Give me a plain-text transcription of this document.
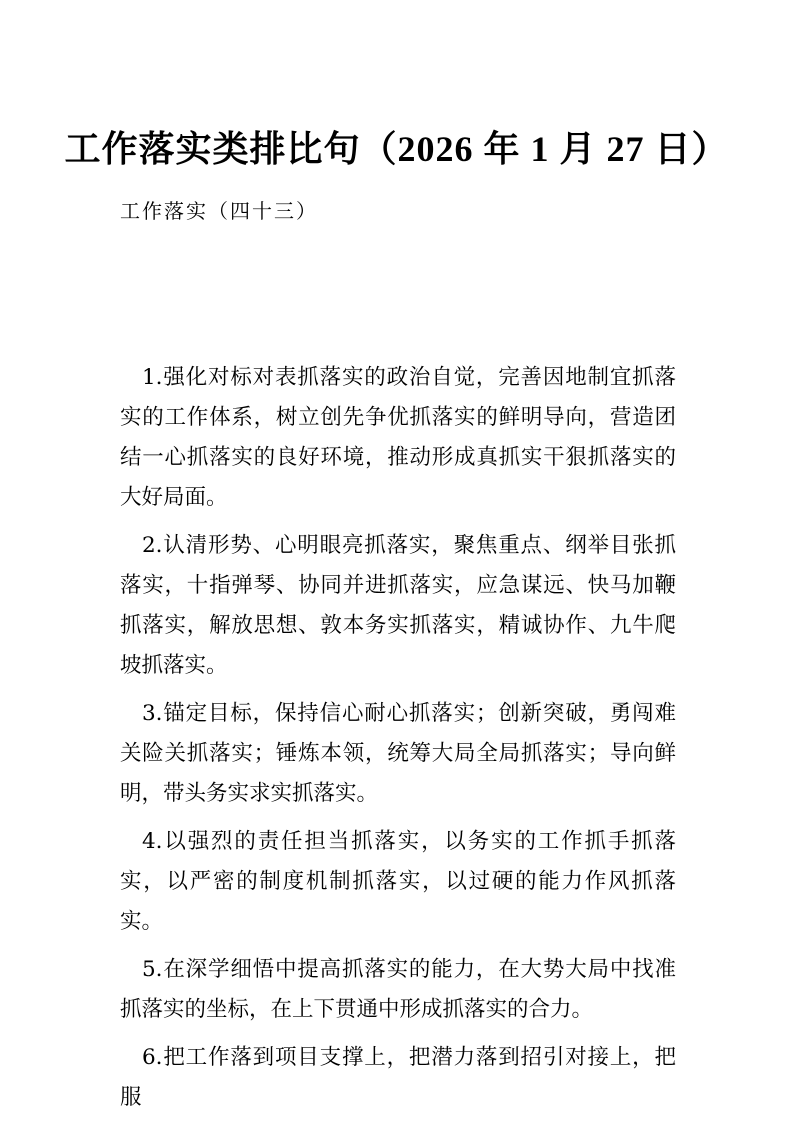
工作落实类排比句（2026 年 1 月 27 日）

工作落实（四十三）

1.强化对标对表抓落实的政治自觉，完善因地制宜抓落实的工作体系，树立创先争优抓落实的鲜明导向，营造团结一心抓落实的良好环境，推动形成真抓实干狠抓落实的大好局面。

2.认清形势、心明眼亮抓落实，聚焦重点、纲举目张抓落实，十指弹琴、协同并进抓落实，应急谋远、快马加鞭抓落实，解放思想、敦本务实抓落实，精诚协作、九牛爬坡抓落实。

3.锚定目标，保持信心耐心抓落实；创新突破，勇闯难关险关抓落实；锤炼本领，统筹大局全局抓落实；导向鲜明，带头务实求实抓落实。

4.以强烈的责任担当抓落实，以务实的工作抓手抓落实，以严密的制度机制抓落实，以过硬的能力作风抓落实。

5.在深学细悟中提高抓落实的能力，在大势大局中找准抓落实的坐标，在上下贯通中形成抓落实的合力。

6.把工作落到项目支撑上，把潜力落到招引对接上，把服
